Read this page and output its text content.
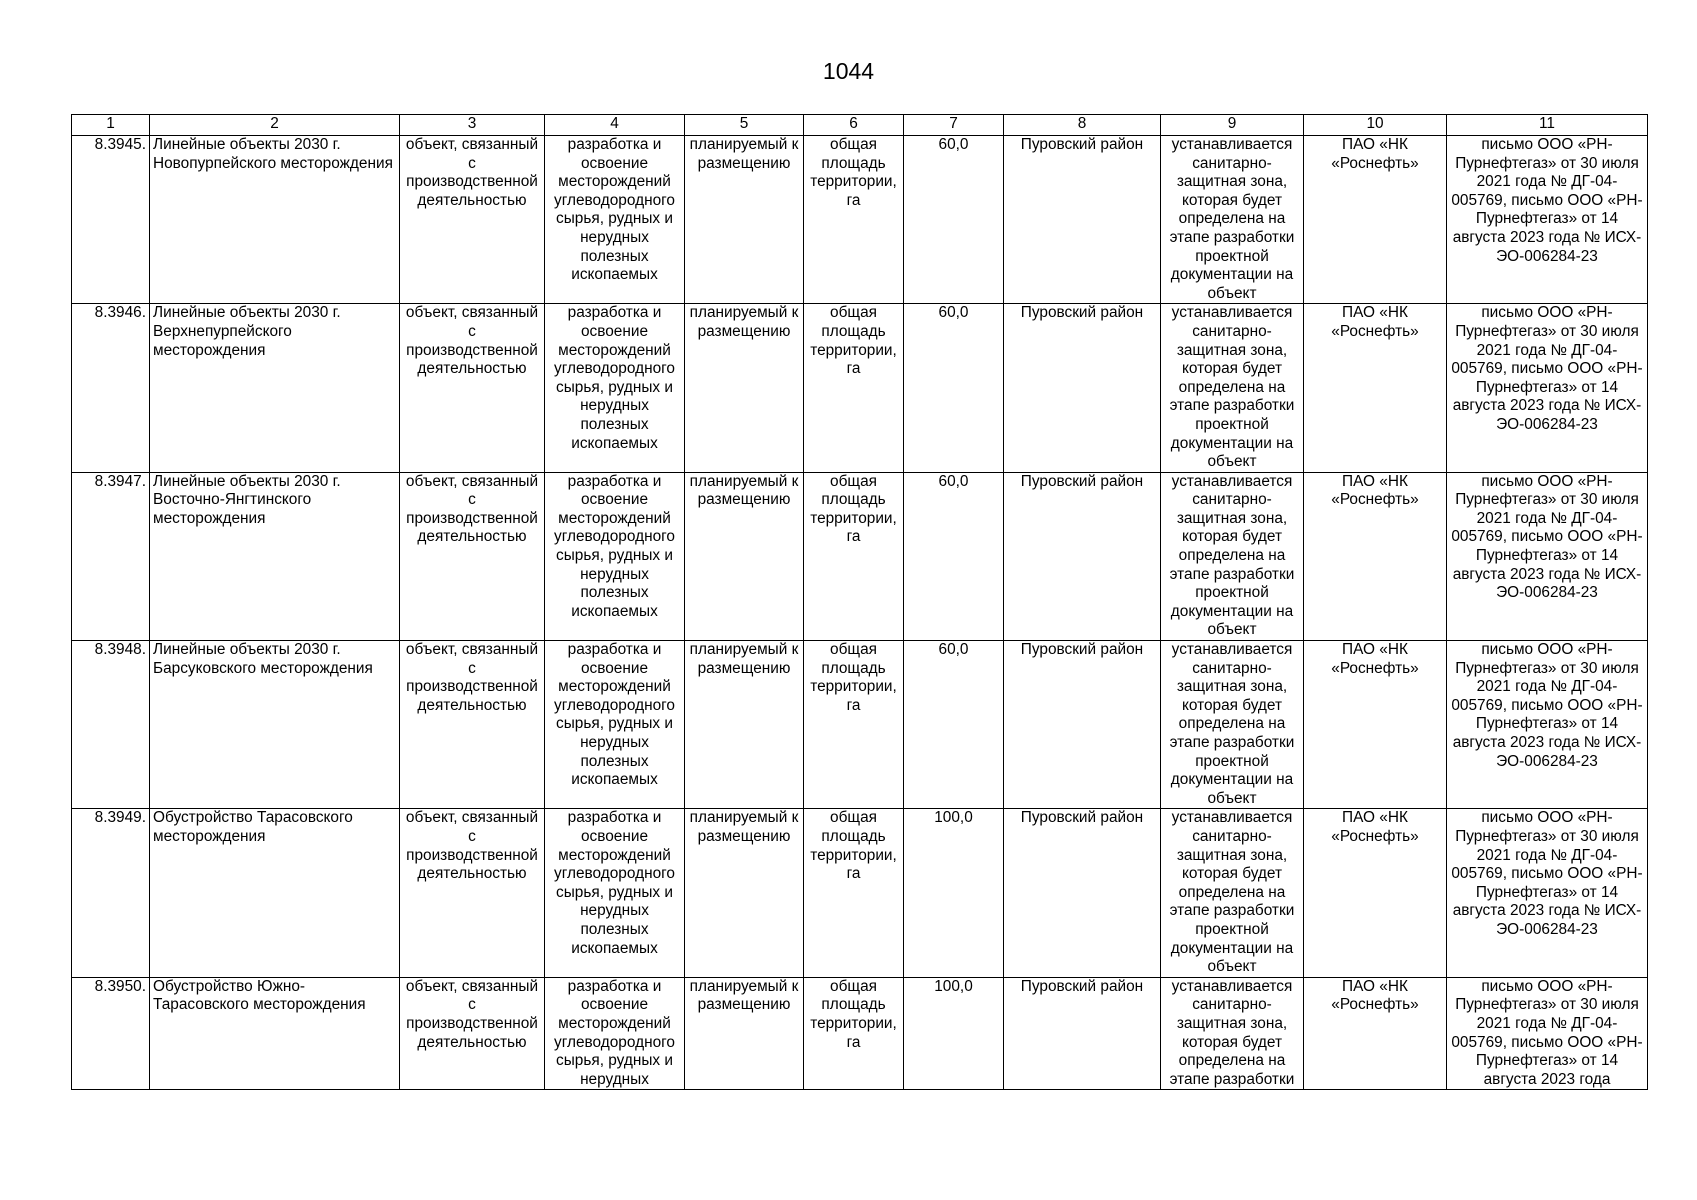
1044
1	2	3	4	5	6	7	8	9	10	11
8.3945.	Линейные объекты 2030 г. Новопурпейского месторождения	объект, связанный с производственной деятельностью	разработка и освоение месторождений углеводородного сырья, рудных и нерудных полезных ископаемых	планируемый к размещению	общая площадь территории, га	60,0	Пуровский район	устанавливается санитарно-защитная зона, которая будет определена на этапе разработки проектной документации на объект	ПАО «НК «Роснефть»	письмо ООО «РН-Пурнефтегаз» от 30 июля 2021 года № ДГ-04-005769, письмо ООО «РН-Пурнефтегаз» от 14 августа 2023 года № ИСХ-ЭО-006284-23
8.3946.	Линейные объекты 2030 г. Верхнепурпейского месторождения	объект, связанный с производственной деятельностью	разработка и освоение месторождений углеводородного сырья, рудных и нерудных полезных ископаемых	планируемый к размещению	общая площадь территории, га	60,0	Пуровский район	устанавливается санитарно-защитная зона, которая будет определена на этапе разработки проектной документации на объект	ПАО «НК «Роснефть»	письмо ООО «РН-Пурнефтегаз» от 30 июля 2021 года № ДГ-04-005769, письмо ООО «РН-Пурнефтегаз» от 14 августа 2023 года № ИСХ-ЭО-006284-23
8.3947.	Линейные объекты 2030 г. Восточно-Янгтинского месторождения	объект, связанный с производственной деятельностью	разработка и освоение месторождений углеводородного сырья, рудных и нерудных полезных ископаемых	планируемый к размещению	общая площадь территории, га	60,0	Пуровский район	устанавливается санитарно-защитная зона, которая будет определена на этапе разработки проектной документации на объект	ПАО «НК «Роснефть»	письмо ООО «РН-Пурнефтегаз» от 30 июля 2021 года № ДГ-04-005769, письмо ООО «РН-Пурнефтегаз» от 14 августа 2023 года № ИСХ-ЭО-006284-23
8.3948.	Линейные объекты 2030 г. Барсуковского месторождения	объект, связанный с производственной деятельностью	разработка и освоение месторождений углеводородного сырья, рудных и нерудных полезных ископаемых	планируемый к размещению	общая площадь территории, га	60,0	Пуровский район	устанавливается санитарно-защитная зона, которая будет определена на этапе разработки проектной документации на объект	ПАО «НК «Роснефть»	письмо ООО «РН-Пурнефтегаз» от 30 июля 2021 года № ДГ-04-005769, письмо ООО «РН-Пурнефтегаз» от 14 августа 2023 года № ИСХ-ЭО-006284-23
8.3949.	Обустройство Тарасовского месторождения	объект, связанный с производственной деятельностью	разработка и освоение месторождений углеводородного сырья, рудных и нерудных полезных ископаемых	планируемый к размещению	общая площадь территории, га	100,0	Пуровский район	устанавливается санитарно-защитная зона, которая будет определена на этапе разработки проектной документации на объект	ПАО «НК «Роснефть»	письмо ООО «РН-Пурнефтегаз» от 30 июля 2021 года № ДГ-04-005769, письмо ООО «РН-Пурнефтегаз» от 14 августа 2023 года № ИСХ-ЭО-006284-23
8.3950.	Обустройство Южно-Тарасовского месторождения	объект, связанный с производственной деятельностью	разработка и освоение месторождений углеводородного сырья, рудных и нерудных	планируемый к размещению	общая площадь территории, га	100,0	Пуровский район	устанавливается санитарно-защитная зона, которая будет определена на этапе разработки	ПАО «НК «Роснефть»	письмо ООО «РН-Пурнефтегаз» от 30 июля 2021 года № ДГ-04-005769, письмо ООО «РН-Пурнефтегаз» от 14 августа 2023 года
